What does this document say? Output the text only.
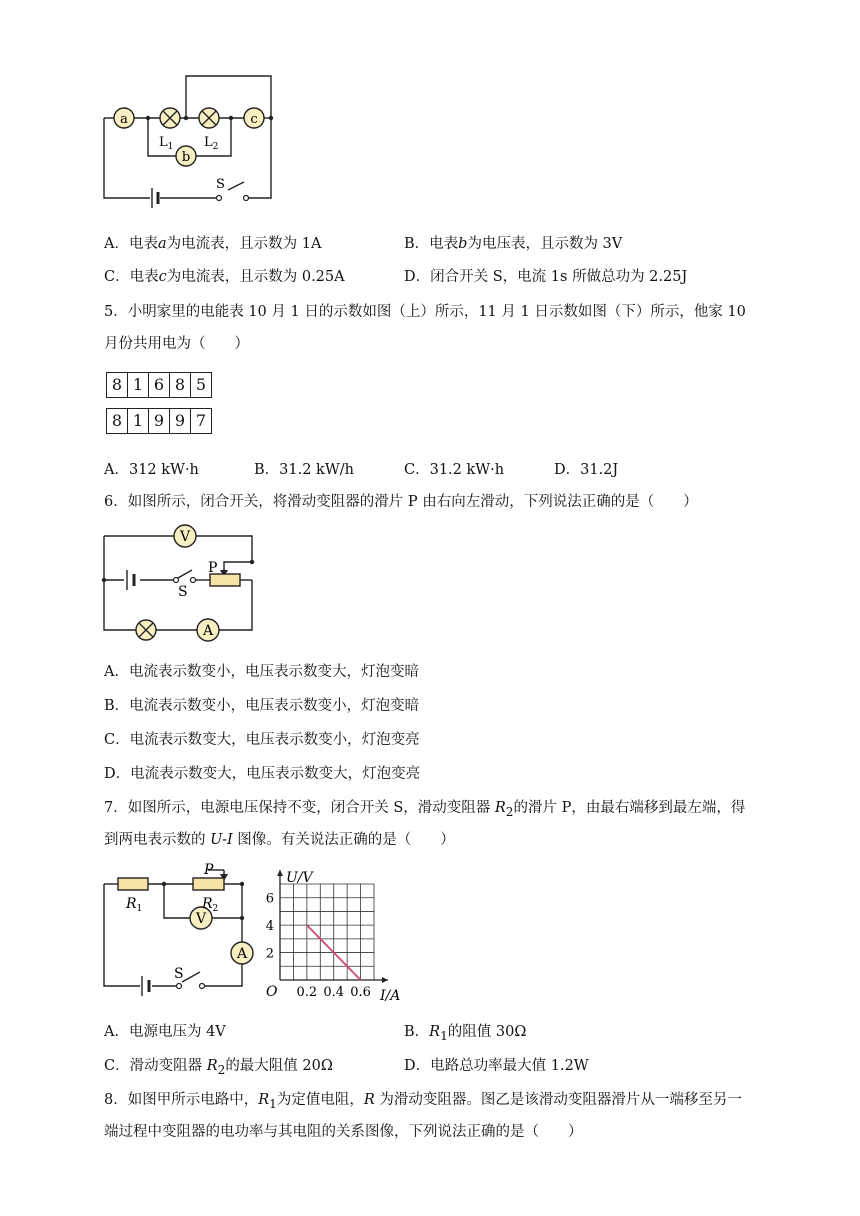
a
b
c
$L_1$ $L_2$
S
A．电表a为电流表，且示数为 1A	B．电表b为电压表，且示数为 3V
C．电表c为电流表，且示数为 0.25A	D．闭合开关 S，电流 1s 所做总功为 2.25J
5．小明家里的电能表 10 月 1 日的示数如图（上）所示，11 月 1 日示数如图（下）所示，他家 10
月份共用电为（　　）
8 1 6 8 5
8 1 9 9 7
A．312 kW·h	B．31.2 kW/h	C．31.2 kW·h	D．31.2J
6．如图所示，闭合开关，将滑动变阻器的滑片 P 由右向左滑动，下列说法正确的是（　　）
V
A
P
S
A．电流表示数变小，电压表示数变大，灯泡变暗
B．电流表示数变小，电压表示数变小，灯泡变暗
C．电流表示数变大，电压表示数变小，灯泡变亮
D．电流表示数变大，电压表示数变大，灯泡变亮
7．如图所示，电源电压保持不变，闭合开关 S，滑动变阻器 $R_2$的滑片 P，由最右端移到最左端，得
到两电表示数的 U-I 图像。有关说法正确的是（　　）
V
A
$R_1$	$R_2$
P
S
0.2 0.4 0.6
2
4
6
U/V
I/A
O
A．电源电压为 4V	B．$R_1$的阻值 30Ω
C．滑动变阻器 $R_2$的最大阻值 20Ω	D．电路总功率最大值 1.2W
8．如图甲所示电路中，$R_1$为定值电阻，R 为滑动变阻器。图乙是该滑动变阻器滑片从一端移至另一
端过程中变阻器的电功率与其电阻的关系图像，下列说法正确的是（　　）
